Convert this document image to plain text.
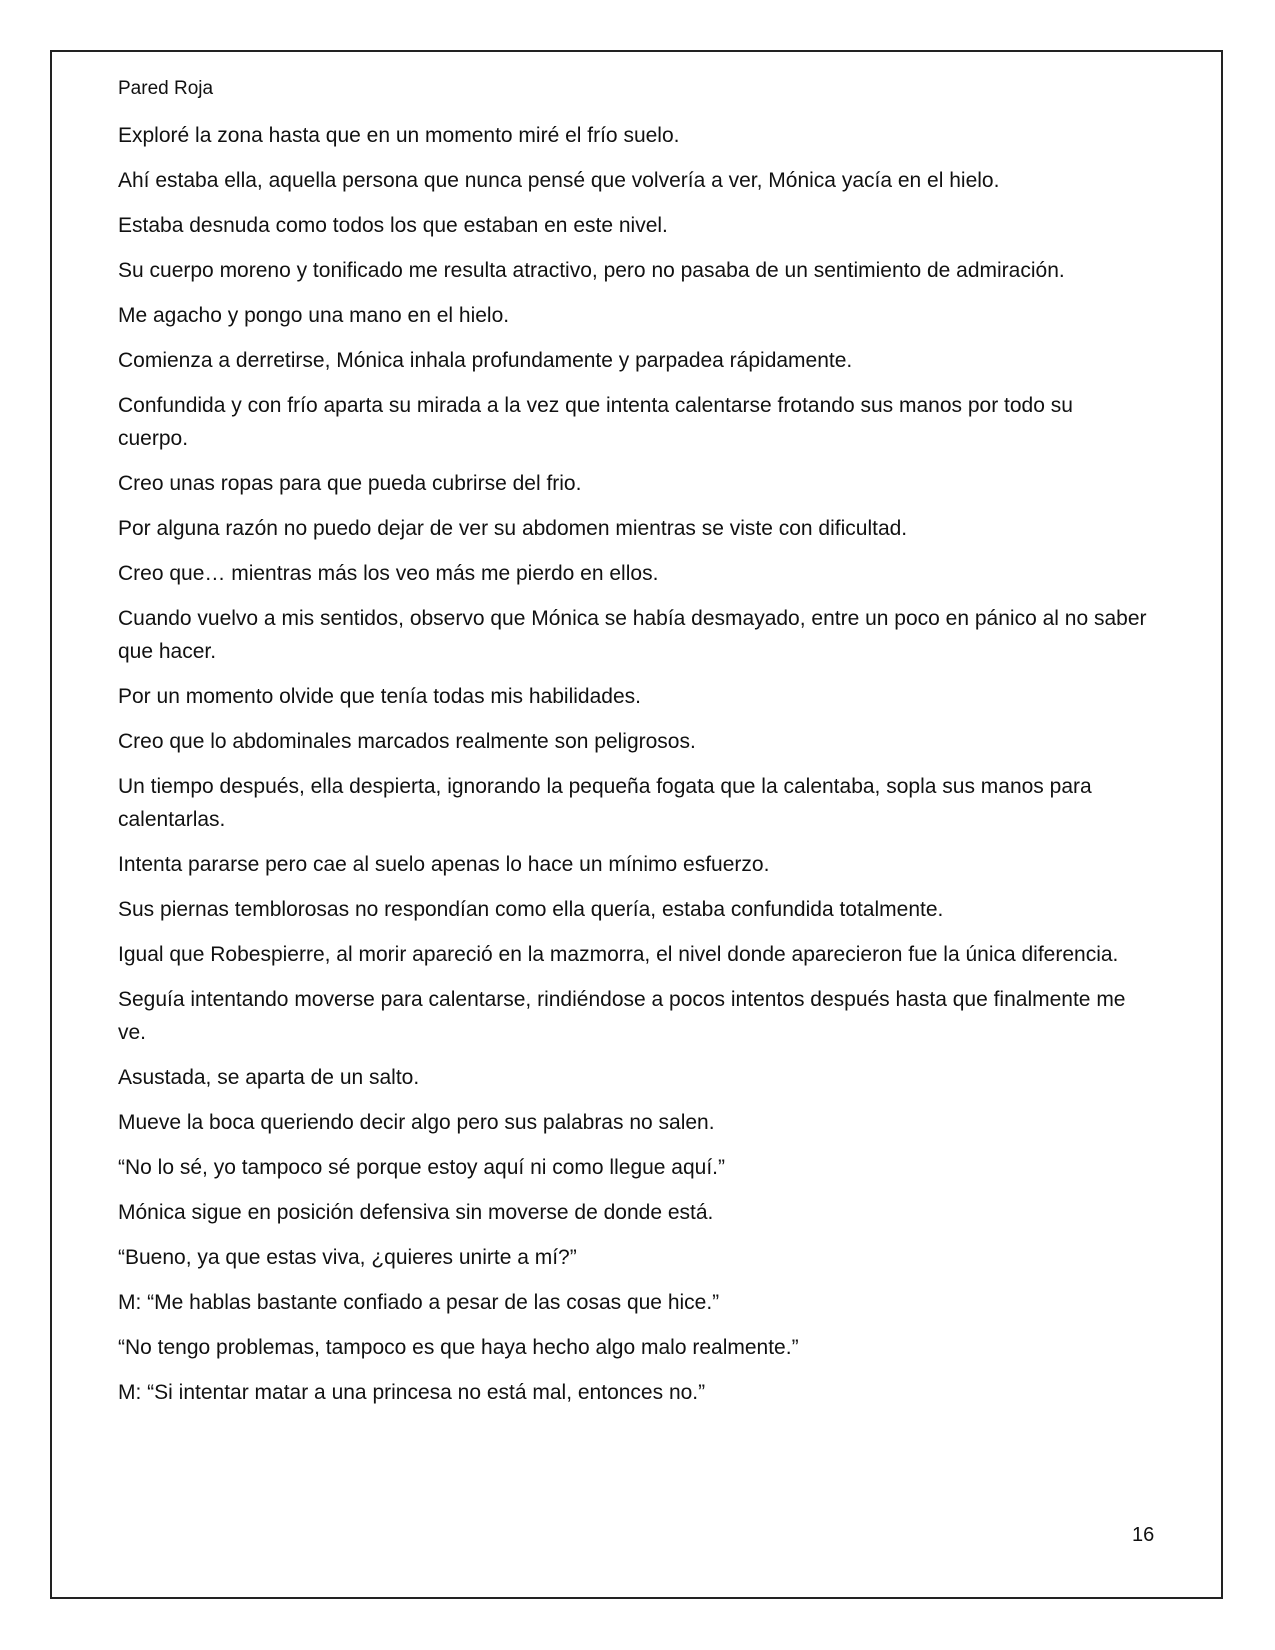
Pared Roja

Exploré la zona hasta que en un momento miré el frío suelo.

Ahí estaba ella, aquella persona que nunca pensé que volvería a ver, Mónica yacía en el hielo.

Estaba desnuda como todos los que estaban en este nivel.

Su cuerpo moreno y tonificado me resulta atractivo, pero no pasaba de un sentimiento de admiración.

Me agacho y pongo una mano en el hielo.

Comienza a derretirse, Mónica inhala profundamente y parpadea rápidamente.

Confundida y con frío aparta su mirada a la vez que intenta calentarse frotando sus manos por todo su cuerpo.

Creo unas ropas para que pueda cubrirse del frio.

Por alguna razón no puedo dejar de ver su abdomen mientras se viste con dificultad.

Creo que… mientras más los veo más me pierdo en ellos.

Cuando vuelvo a mis sentidos, observo que Mónica se había desmayado, entre un poco en pánico al no saber que hacer.

Por un momento olvide que tenía todas mis habilidades.

Creo que lo abdominales marcados realmente son peligrosos.

Un tiempo después, ella despierta, ignorando la pequeña fogata que la calentaba, sopla sus manos para calentarlas.

Intenta pararse pero cae al suelo apenas lo hace un mínimo esfuerzo.

Sus piernas temblorosas no respondían como ella quería, estaba confundida totalmente.

Igual que Robespierre, al morir apareció en la mazmorra, el nivel donde aparecieron fue la única diferencia.

Seguía intentando moverse para calentarse, rindiéndose a pocos intentos después hasta que finalmente me ve.

Asustada, se aparta de un salto.

Mueve la boca queriendo decir algo pero sus palabras no salen.

“No lo sé, yo tampoco sé porque estoy aquí ni como llegue aquí.”

Mónica sigue en posición defensiva sin moverse de donde está.

“Bueno, ya que estas viva, ¿quieres unirte a mí?”

M: “Me hablas bastante confiado a pesar de las cosas que hice.”

“No tengo problemas, tampoco es que haya hecho algo malo realmente.”

M: “Si intentar matar a una princesa no está mal, entonces no.”

16
